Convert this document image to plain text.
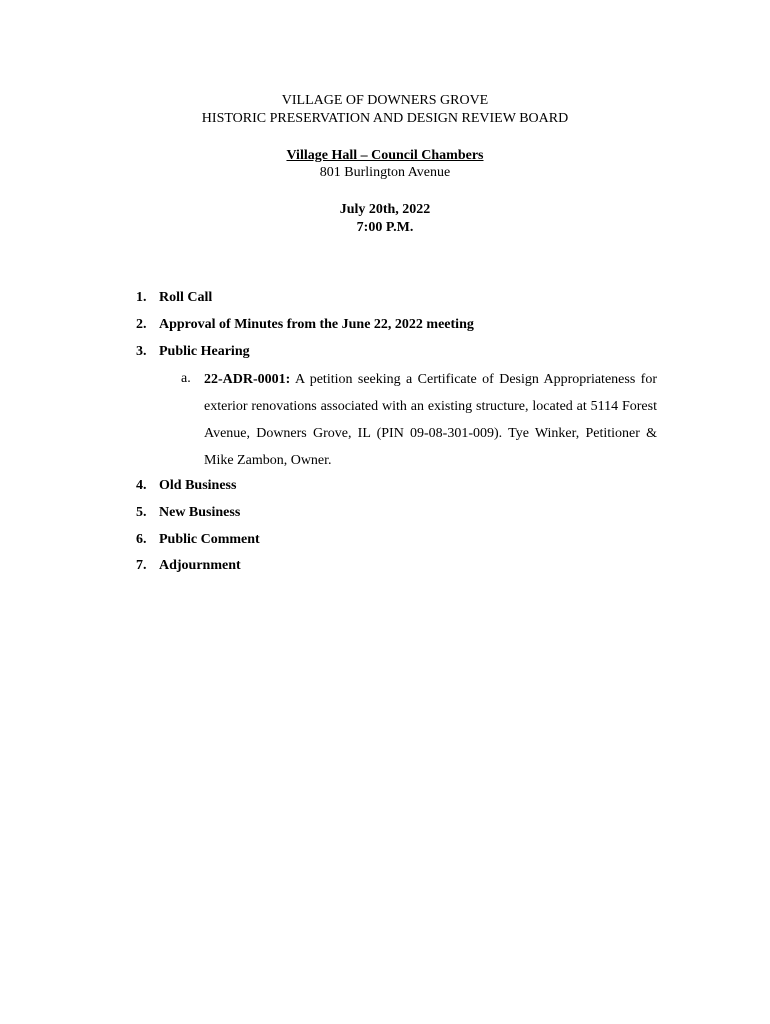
VILLAGE OF DOWNERS GROVE
HISTORIC PRESERVATION AND DESIGN REVIEW BOARD
Village Hall – Council Chambers
801 Burlington Avenue
July 20th, 2022
7:00 P.M.
1. Roll Call
2. Approval of Minutes from the June 22, 2022 meeting
3. Public Hearing
a. 22-ADR-0001: A petition seeking a Certificate of Design Appropriateness for exterior renovations associated with an existing structure, located at 5114 Forest Avenue, Downers Grove, IL (PIN 09-08-301-009). Tye Winker, Petitioner & Mike Zambon, Owner.
4. Old Business
5. New Business
6. Public Comment
7. Adjournment
